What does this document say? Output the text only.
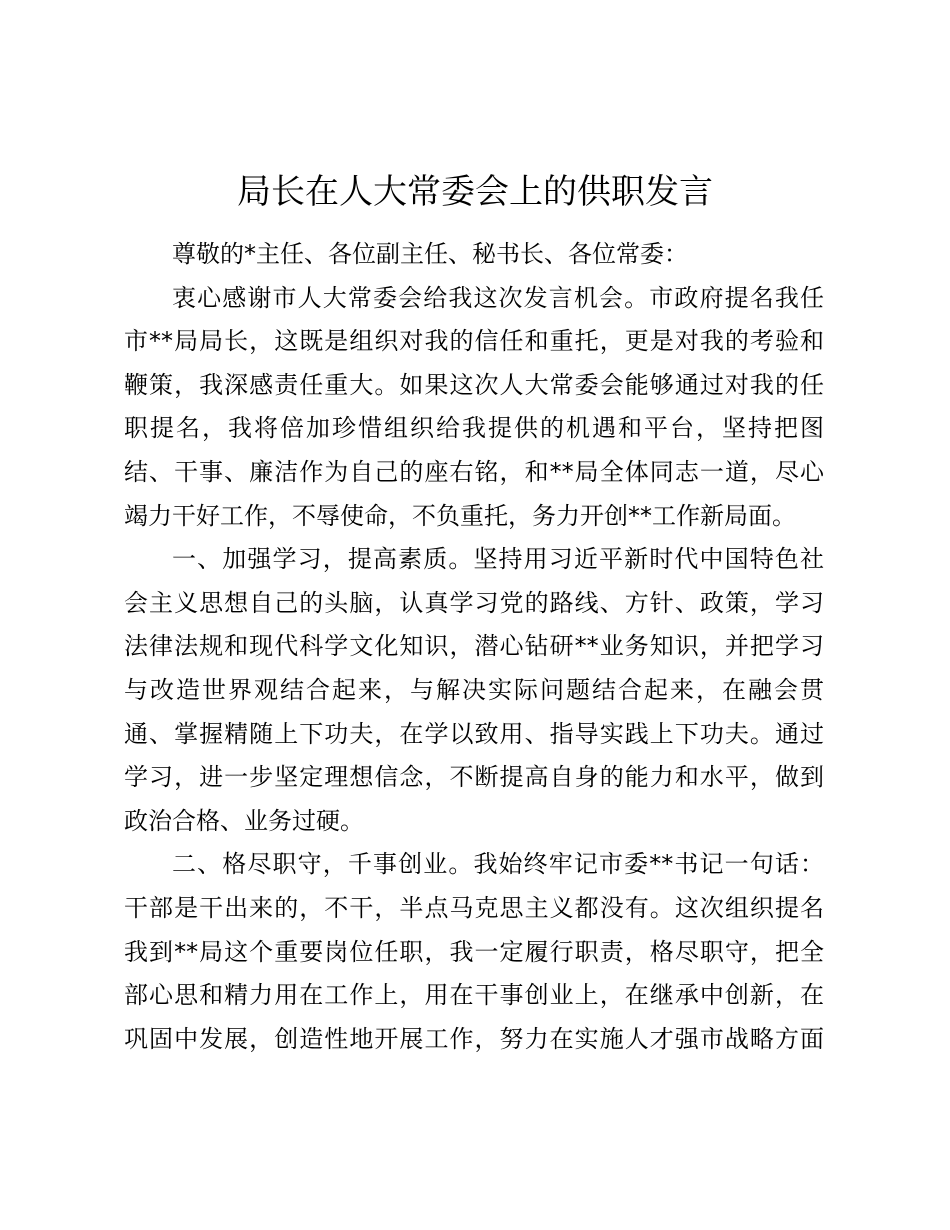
局长在人大常委会上的供职发言
尊敬的*主任、各位副主任、秘书长、各位常委：
衷心感谢市人大常委会给我这次发言机会。市政府提名我任
市**局局长，这既是组织对我的信任和重托，更是对我的考验和
鞭策，我深感责任重大。如果这次人大常委会能够通过对我的任
职提名，我将倍加珍惜组织给我提供的机遇和平台，坚持把图
结、干事、廉洁作为自己的座右铭，和**局全体同志一道，尽心
竭力干好工作，不辱使命，不负重托，务力开创**工作新局面。
一、加强学习，提高素质。坚持用习近平新时代中国特色社
会主义思想自己的头脑，认真学习党的路线、方针、政策，学习
法律法规和现代科学文化知识，潜心钻研**业务知识，并把学习
与改造世界观结合起来，与解决实际问题结合起来，在融会贯
通、掌握精随上下功夫，在学以致用、指导实践上下功夫。通过
学习，进一步坚定理想信念，不断提高自身的能力和水平，做到
政治合格、业务过硬。
二、格尽职守，千事创业。我始终牢记市委**书记一句话：
干部是干出来的，不干，半点马克思主义都没有。这次组织提名
我到**局这个重要岗位任职，我一定履行职责，格尽职守，把全
部心思和精力用在工作上，用在干事创业上，在继承中创新，在
巩固中发展，创造性地开展工作，努力在实施人才强市战略方面
